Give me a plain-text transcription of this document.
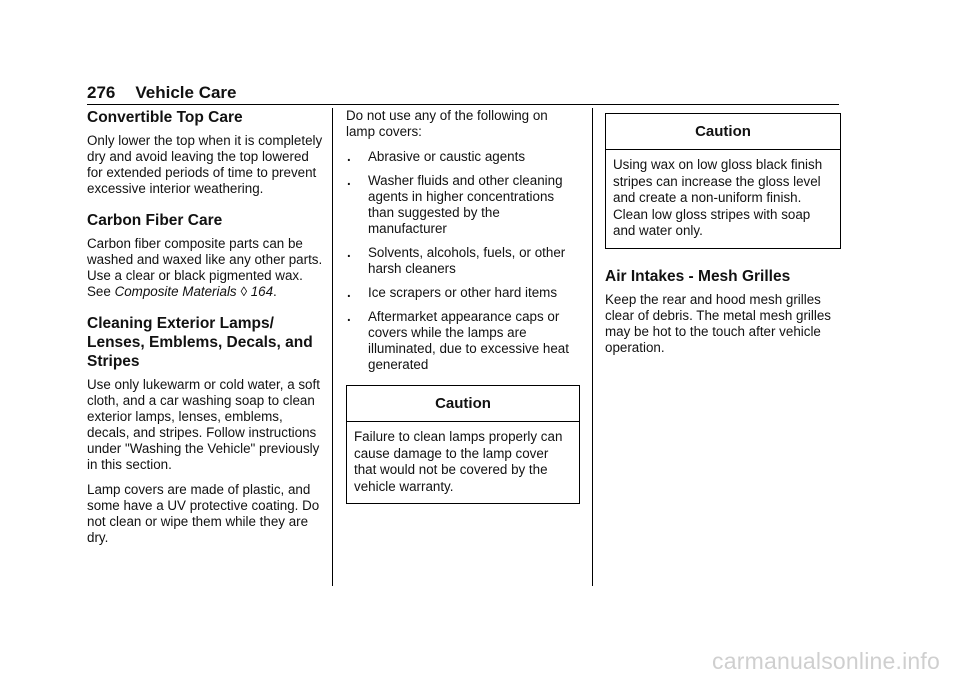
276 Vehicle Care
Convertible Top Care

Only lower the top when it is completely dry and avoid leaving the top lowered for extended periods of time to prevent excessive interior weathering.

Carbon Fiber Care

Carbon fiber composite parts can be washed and waxed like any other parts. Use a clear or black pigmented wax. See Composite Materials ◊ 164.

Cleaning Exterior Lamps/ Lenses, Emblems, Decals, and Stripes

Use only lukewarm or cold water, a soft cloth, and a car washing soap to clean exterior lamps, lenses, emblems, decals, and stripes. Follow instructions under "Washing the Vehicle" previously in this section.

Lamp covers are made of plastic, and some have a UV protective coating. Do not clean or wipe them while they are dry.

Do not use any of the following on lamp covers:

. Abrasive or caustic agents
. Washer fluids and other cleaning agents in higher concentrations than suggested by the manufacturer
. Solvents, alcohols, fuels, or other harsh cleaners
. Ice scrapers or other hard items
. Aftermarket appearance caps or covers while the lamps are illuminated, due to excessive heat generated
Caution
Failure to clean lamps properly can cause damage to the lamp cover that would not be covered by the vehicle warranty.
Caution
Using wax on low gloss black finish stripes can increase the gloss level and create a non-uniform finish. Clean low gloss stripes with soap and water only.
Air Intakes - Mesh Grilles

Keep the rear and hood mesh grilles clear of debris. The metal mesh grilles may be hot to the touch after vehicle operation.

carmanualsonline.info
